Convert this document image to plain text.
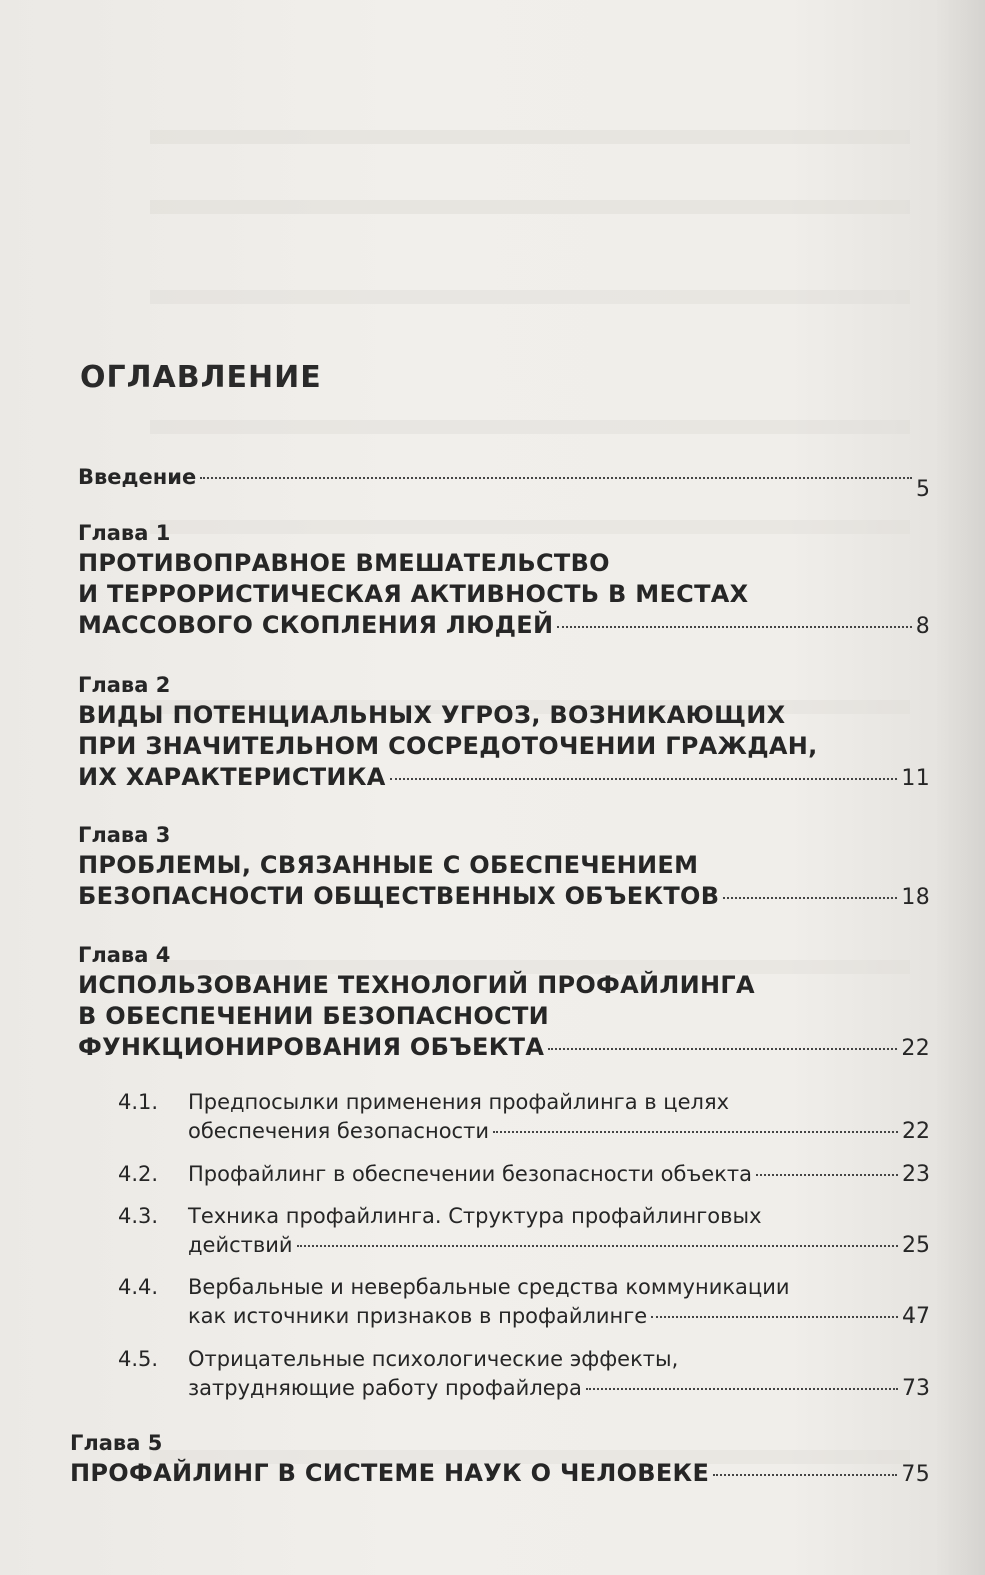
ОГЛАВЛЕНИЕ
Введение	5
Глава 1
ПРОТИВОПРАВНОЕ ВМЕШАТЕЛЬСТВО
И ТЕРРОРИСТИЧЕСКАЯ АКТИВНОСТЬ В МЕСТАХ
МАССОВОГО СКОПЛЕНИЯ ЛЮДЕЙ	8
Глава 2
ВИДЫ ПОТЕНЦИАЛЬНЫХ УГРОЗ, ВОЗНИКАЮЩИХ
ПРИ ЗНАЧИТЕЛЬНОМ СОСРЕДОТОЧЕНИИ ГРАЖДАН,
ИХ ХАРАКТЕРИСТИКА	11
Глава 3
ПРОБЛЕМЫ, СВЯЗАННЫЕ С ОБЕСПЕЧЕНИЕМ
БЕЗОПАСНОСТИ ОБЩЕСТВЕННЫХ ОБЪЕКТОВ	18
Глава 4
ИСПОЛЬЗОВАНИЕ ТЕХНОЛОГИЙ ПРОФАЙЛИНГА
В ОБЕСПЕЧЕНИИ БЕЗОПАСНОСТИ
ФУНКЦИОНИРОВАНИЯ ОБЪЕКТА	22
4.1.	Предпосылки применения профайлинга в целях
обеспечения безопасности	22
4.2.	Профайлинг в обеспечении безопасности объекта	23
4.3.	Техника профайлинга. Структура профайлинговых
действий	25
4.4.	Вербальные и невербальные средства коммуникации
как источники признаков в профайлинге	47
4.5.	Отрицательные психологические эффекты,
затрудняющие работу профайлера	73
Глава 5
ПРОФАЙЛИНГ В СИСТЕМЕ НАУК О ЧЕЛОВЕКЕ	75
